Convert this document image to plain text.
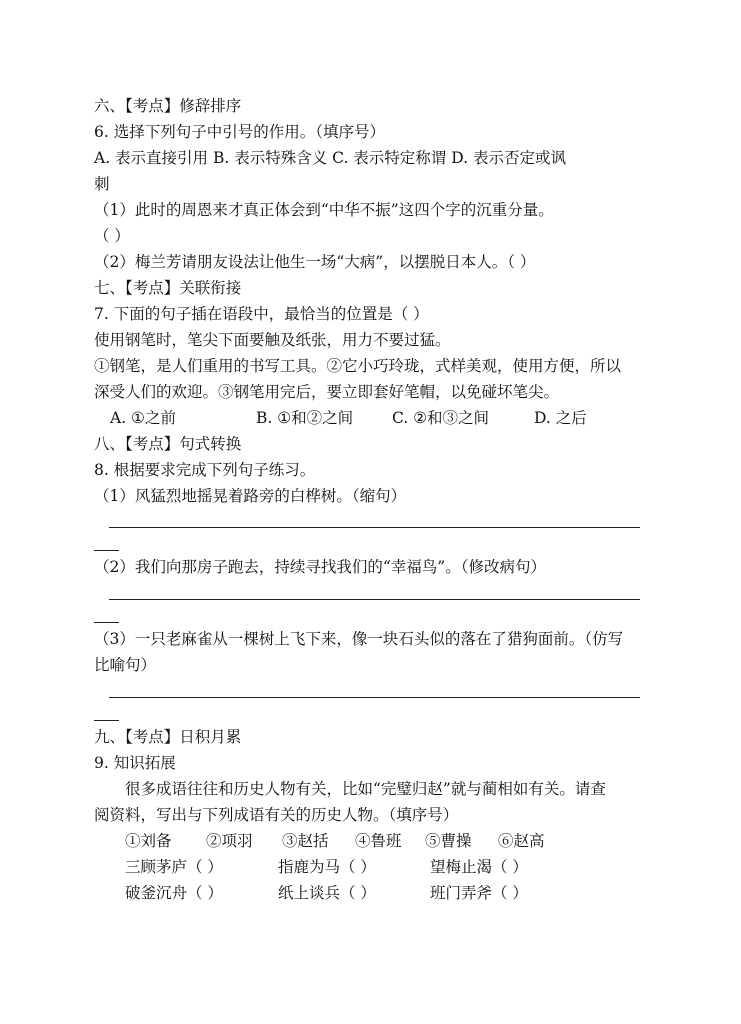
六、【考点】修辞排序
6. 选择下列句子中引号的作用。（填序号）
A. 表示直接引用 B. 表示特殊含义 C. 表示特定称谓 D. 表示否定或讽
刺
（1）此时的周恩来才真正体会到“中华不振”这四个字的沉重分量。
（ ）
（2）梅兰芳请朋友设法让他生一场“大病”，以摆脱日本人。（ ）
七、【考点】关联衔接
7. 下面的句子插在语段中，最恰当的位置是（ ）
使用钢笔时，笔尖下面要触及纸张，用力不要过猛。
①钢笔，是人们重用的书写工具。②它小巧玲珑，式样美观，使用方便，所以
深受人们的欢迎。③钢笔用完后，要立即套好笔帽，以免碰坏笔尖。
A. ①之前	B. ①和②之间	C. ②和③之间	D. 之后
八、【考点】句式转换
8. 根据要求完成下列句子练习。
（1）风猛烈地摇晃着路旁的白桦树。（缩句）
（2）我们向那房子跑去，持续寻找我们的“幸福鸟”。（修改病句）
（3）一只老麻雀从一棵树上飞下来，像一块石头似的落在了猎狗面前。（仿写
比喻句）
九、【考点】日积月累
9. 知识拓展
很多成语往往和历史人物有关，比如“完璧归赵”就与蔺相如有关。请查
阅资料，写出与下列成语有关的历史人物。（填序号）
①刘备 ②项羽 ③赵括 ④鲁班 ⑤曹操 ⑥赵高
三顾茅庐（ ）	指鹿为马（ ）	望梅止渴（ ）
破釜沉舟（ ）	纸上谈兵（ ）	班门弄斧（ ）
